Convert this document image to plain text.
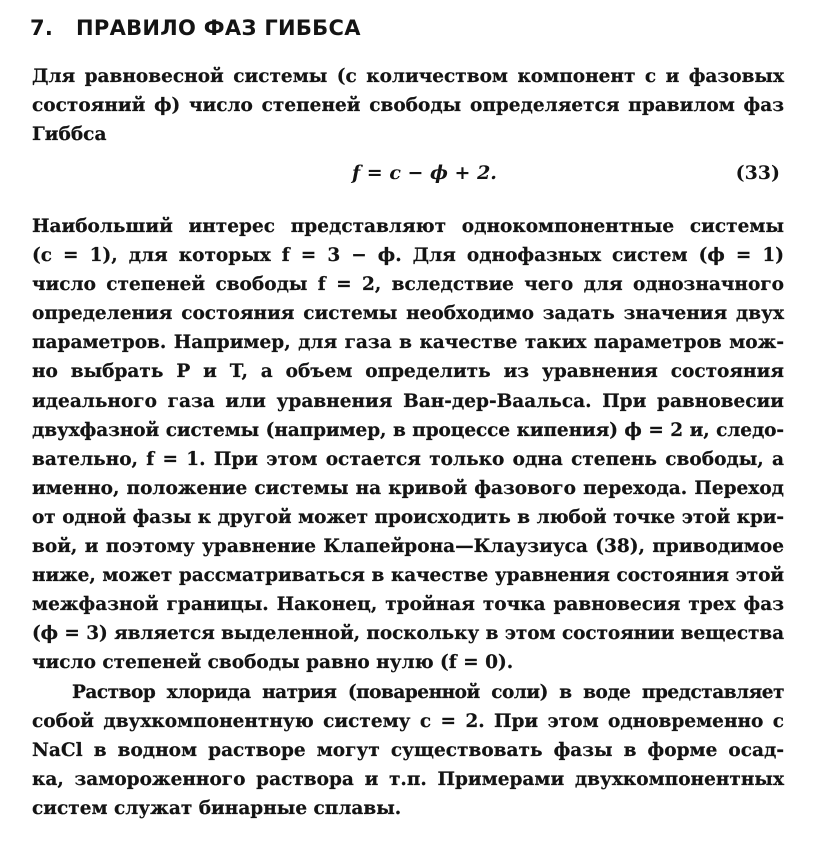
7. ПРАВИЛО ФАЗ ГИББСА
Для равновесной системы (с количеством компонент c и фазовых
состояний ϕ) число степеней свободы определяется правилом фаз
Гиббса
f = c − ϕ + 2.	(33)
Наибольший интерес представляют однокомпонентные системы
(c = 1), для которых f = 3 − ϕ. Для однофазных систем (ϕ = 1)
число степеней свободы f = 2, вследствие чего для однозначного
определения состояния системы необходимо задать значения двух
параметров. Например, для газа в качестве таких параметров мож-
но выбрать P и T, а объем определить из уравнения состояния
идеального газа или уравнения Ван-дер-Ваальса. При равновесии
двухфазной системы (например, в процессе кипения) ϕ = 2 и, следо-
вательно, f = 1. При этом остается только одна степень свободы, а
именно, положение системы на кривой фазового перехода. Переход
от одной фазы к другой может происходить в любой точке этой кри-
вой, и поэтому уравнение Клапейрона—Клаузиуса (38), приводимое
ниже, может рассматриваться в качестве уравнения состояния этой
межфазной границы. Наконец, тройная точка равновесия трех фаз
(ϕ = 3) является выделенной, поскольку в этом состоянии вещества
число степеней свободы равно нулю (f = 0).
Раствор хлорида натрия (поваренной соли) в воде представляет
собой двухкомпонентную систему c = 2. При этом одновременно с
NaCl в водном растворе могут существовать фазы в форме осад-
ка, замороженного раствора и т.п. Примерами двухкомпонентных
систем служат бинарные сплавы.
